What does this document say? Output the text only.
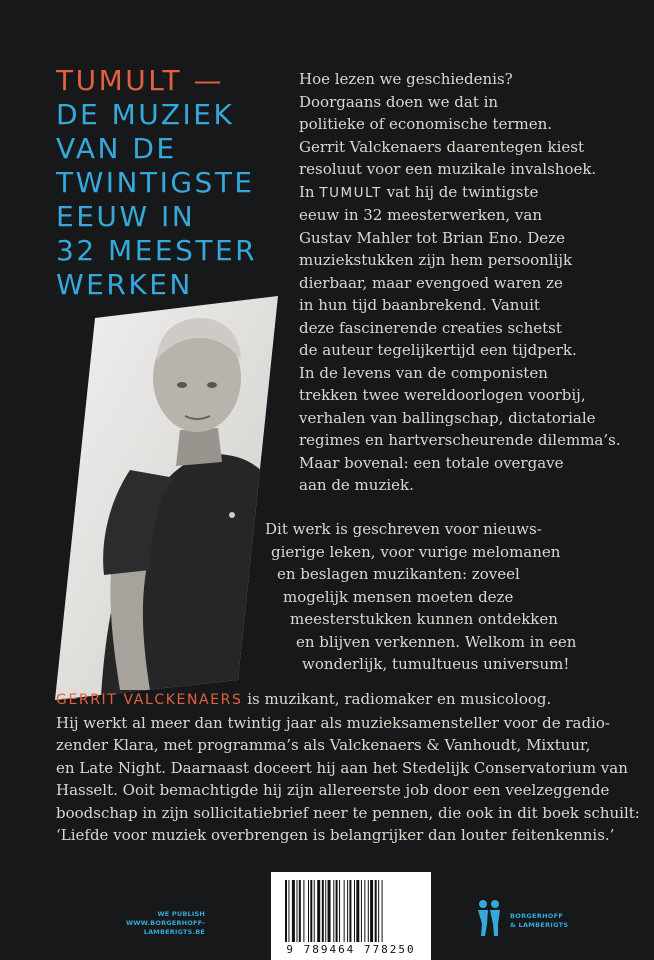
TUMULT —
DE MUZIEK
VAN DE
TWINTIGSTE
EEUW IN
32 MEESTER
WERKEN
Hoe lezen we geschiedenis?
Doorgaans doen we dat in
politieke of economische termen.
Gerrit Valckenaers daarentegen kiest
resoluut voor een muzikale invalshoek.
In TUMULT vat hij de twintigste
eeuw in 32 meesterwerken, van
Gustav Mahler tot Brian Eno. Deze
muziekstukken zijn hem persoonlijk
dierbaar, maar evengoed waren ze
in hun tijd baanbrekend. Vanuit
deze fascinerende creaties schetst
de auteur tegelijkertijd een tijdperk.
In de levens van de componisten
trekken twee wereldoorlogen voorbij,
verhalen van ballingschap, dictatoriale
regimes en hartverscheurende dilemma’s.
Maar bovenal: een totale overgave
aan de muziek.
Dit werk is geschreven voor nieuws-
gierige leken, voor vurige melomanen
en beslagen muzikanten: zoveel
mogelijk mensen moeten deze
meesterstukken kunnen ontdekken
en blijven verkennen. Welkom in een
wonderlijk, tumultueus universum!
GERRIT VALCKENAERS is muzikant, radiomaker en musicoloog.
Hij werkt al meer dan twintig jaar als muzieksamensteller voor de radio-
zender Klara, met programma’s als Valckenaers & Vanhoudt, Mixtuur,
en Late Night. Daarnaast doceert hij aan het Stedelijk Conservatorium van
Hasselt. Ooit bemachtigde hij zijn allereerste job door een veelzeggende
boodschap in zijn sollicitatiebrief neer te pennen, die ook in dit boek schuilt:
‘Liefde voor muziek overbrengen is belangrijker dan louter feitenkennis.’
WE PUBLISH
WWW.BORGERHOFF-LAMBERIGTS.BE
9 789464 778250
BORGERHOFF
& LAMBERIGTS
